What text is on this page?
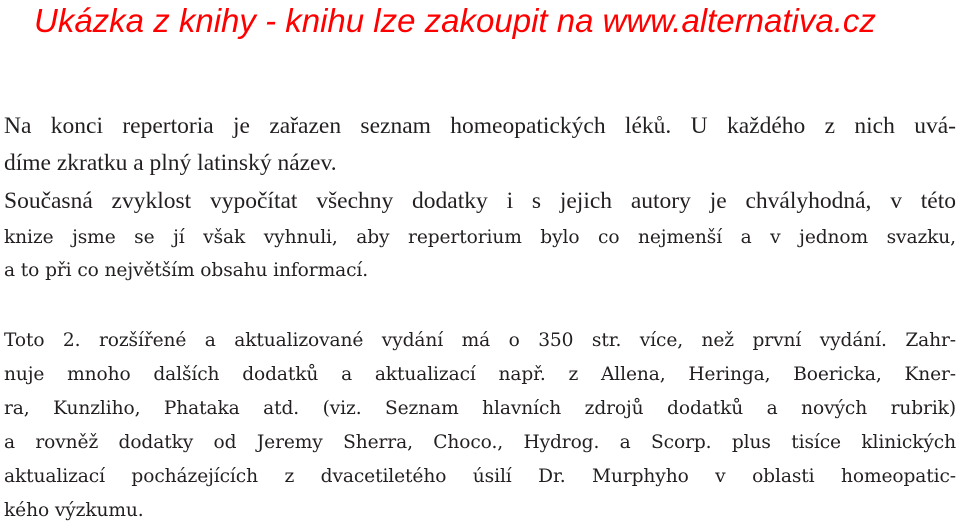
Ukázka z knihy - knihu lze zakoupit na www.alternativa.cz
Na konci repertoria je zařazen seznam homeopatických léků. U každého z nich uvá-
díme zkratku a plný latinský název.
Současná zvyklost vypočítat všechny dodatky i s jejich autory je chvályhodná, v této
knize jsme se jí však vyhnuli, aby repertorium bylo co nejmenší a v jednom svazku,
a to při co největším obsahu informací.
Toto 2. rozšířené a aktualizované vydání má o 350 str. více, než první vydání. Zahr-
nuje mnoho dalších dodatků a aktualizací např. z Allena, Heringa, Boericka, Kner-
ra, Kunzliho, Phataka atd. (viz. Seznam hlavních zdrojů dodatků a nových rubrik)
a rovněž dodatky od Jeremy Sherra, Choco., Hydrog. a Scorp. plus tisíce klinických
aktualizací pocházejících z dvacetiletého úsilí Dr. Murphyho v oblasti homeopatic-
kého výzkumu.
